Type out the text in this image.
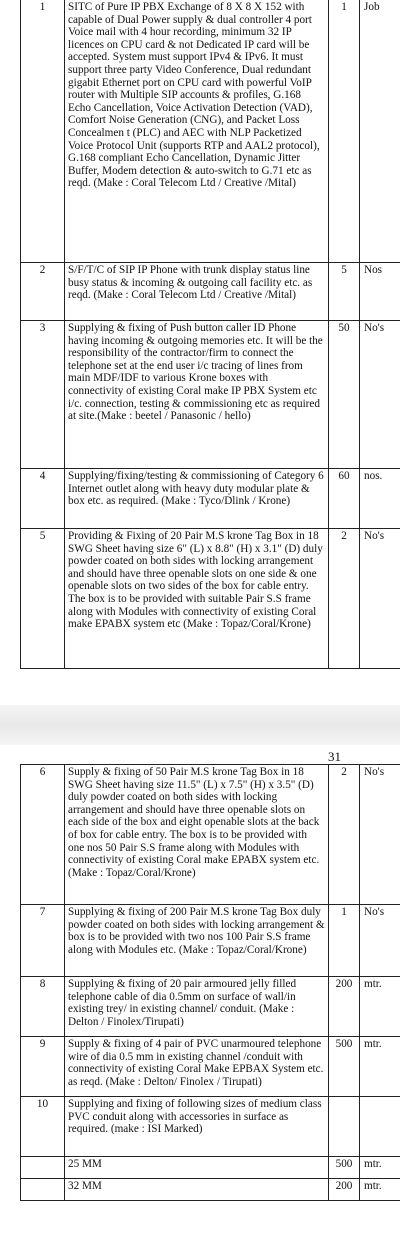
1	SITC of Pure IP PBX Exchange of 8 X 8 X 152 with capable of Dual Power supply & dual controller 4 port Voice mail with 4 hour recording, minimum 32 IP licences on CPU card & not Dedicated IP card will be accepted. System must support IPv4 & IPv6. It must support three party Video Conference, Dual redundant gigabit Ethernet port on CPU card with powerful VoIP router with Multiple SIP accounts & profiles, G.168 Echo Cancellation, Voice Activation Detection (VAD), Comfort Noise Generation (CNG), and Packet Loss Concealmen t (PLC) and AEC with NLP Packetized Voice Protocol Unit (supports RTP and AAL2 protocol), G.168 compliant Echo Cancellation, Dynamic Jitter Buffer, Modem detection & auto-switch to G.71 etc as reqd. (Make : Coral Telecom Ltd / Creative /Mital)	1	Job
2	S/F/T/C of SIP IP Phone with trunk display status line busy status & incoming & outgoing call facility etc. as reqd. (Make : Coral Telecom Ltd / Creative /Mital)	5	Nos
3	Supplying & fixing of Push button caller ID Phone having incoming & outgoing memories etc. It will be the responsibility of the contractor/firm to connect the telephone set at the end user i/c tracing of lines from main MDF/IDF to various Krone boxes with connectivity of existing Coral make IP PBX System etc i/c. connection, testing & commissioning etc as required at site.(Make : beetel / Panasonic / hello)	50	No's
4	Supplying/fixing/testing & commissioning of Category 6 Internet outlet along with heavy duty modular plate & box etc. as required. (Make : Tyco/Dlink / Krone)	60	nos.
5	Providing & Fixing of 20 Pair M.S krone Tag Box in 18 SWG Sheet having size 6" (L) x 8.8" (H) x 3.1" (D) duly powder coated on both sides with locking arrangement and should have three openable slots on one side & one openable slots on two sides of the box for cable entry. The box is to be provided with suitable Pair S.S frame along with Modules with connectivity of existing Coral make EPABX system etc (Make : Topaz/Coral/Krone)	2	No's
31
6	Supply & fixing of 50 Pair M.S krone Tag Box in 18 SWG Sheet having size 11.5" (L) x 7.5" (H) x 3.5" (D) duly powder coated on both sides with locking arrangement and should have three openable slots on each side of the box and eight openable slots at the back of box for cable entry. The box is to be provided with one nos 50 Pair S.S frame along with Modules with connectivity of existing Coral make EPABX system etc. (Make : Topaz/Coral/Krone)	2	No's
7	Supplying & fixing of 200 Pair M.S krone Tag Box duly powder coated on both sides with locking arrangement & box is to be provided with two nos 100 Pair S.S frame along with Modules etc. (Make : Topaz/Coral/Krone)	1	No's
8	Supplying & fixing of 20 pair armoured jelly filled telephone cable of dia 0.5mm on surface of wall/in existing trey/ in existing channel/ conduit. (Make : Delton / Finolex/Tirupati)	200	mtr.
9	Supply & fixing of 4 pair of PVC unarmoured telephone wire of dia 0.5 mm in existing channel /conduit with connectivity of existing Coral Make EPBAX System etc. as reqd. (Make : Delton/ Finolex / Tirupati)	500	mtr.
10	Supplying and fixing of following sizes of medium class PVC conduit along with accessories in surface as required. (make : ISI Marked)		
	25 MM	500	mtr.
	32 MM	200	mtr.
